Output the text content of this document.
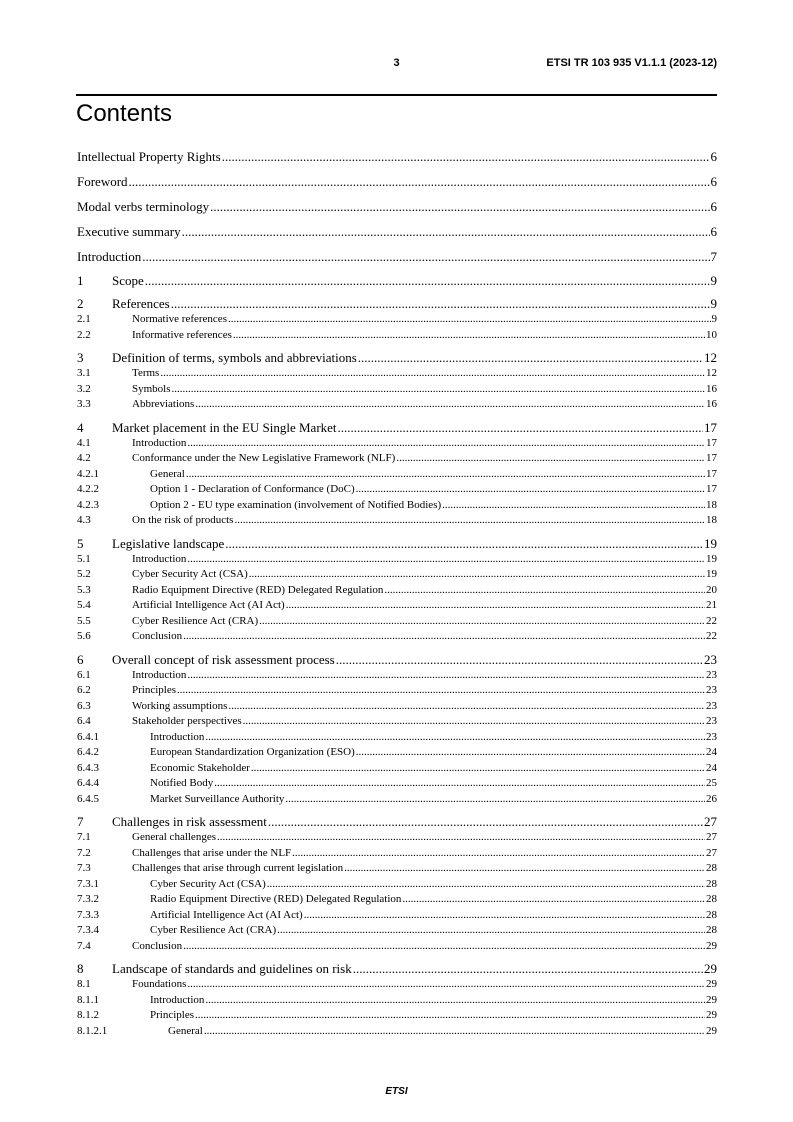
3	ETSI TR 103 935 V1.1.1 (2023-12)
Contents
Intellectual Property Rights .....	6
Foreword .....	6
Modal verbs terminology .....	6
Executive summary .....	6
Introduction .....	7
1	Scope .....	9
2	References .....	9
2.1	Normative references .....	9
2.2	Informative references .....	10
3	Definition of terms, symbols and abbreviations .....	12
3.1	Terms .....	12
3.2	Symbols .....	16
3.3	Abbreviations .....	16
4	Market placement in the EU Single Market .....	17
4.1	Introduction .....	17
4.2	Conformance under the New Legislative Framework (NLF) .....	17
4.2.1	General .....	17
4.2.2	Option 1 - Declaration of Conformance (DoC) .....	17
4.2.3	Option 2 - EU type examination (involvement of Notified Bodies) .....	18
4.3	On the risk of products .....	18
5	Legislative landscape .....	19
5.1	Introduction .....	19
5.2	Cyber Security Act (CSA) .....	19
5.3	Radio Equipment Directive (RED) Delegated Regulation .....	20
5.4	Artificial Intelligence Act (AI Act) .....	21
5.5	Cyber Resilience Act (CRA) .....	22
5.6	Conclusion .....	22
6	Overall concept of risk assessment process .....	23
6.1	Introduction .....	23
6.2	Principles .....	23
6.3	Working assumptions .....	23
6.4	Stakeholder perspectives .....	23
6.4.1	Introduction .....	23
6.4.2	European Standardization Organization (ESO) .....	24
6.4.3	Economic Stakeholder .....	24
6.4.4	Notified Body .....	25
6.4.5	Market Surveillance Authority .....	26
7	Challenges in risk assessment .....	27
7.1	General challenges .....	27
7.2	Challenges that arise under the NLF .....	27
7.3	Challenges that arise through current legislation .....	28
7.3.1	Cyber Security Act (CSA) .....	28
7.3.2	Radio Equipment Directive (RED) Delegated Regulation .....	28
7.3.3	Artificial Intelligence Act (AI Act) .....	28
7.3.4	Cyber Resilience Act (CRA) .....	28
7.4	Conclusion .....	29
8	Landscape of standards and guidelines on risk .....	29
8.1	Foundations .....	29
8.1.1	Introduction .....	29
8.1.2	Principles .....	29
8.1.2.1	General .....	29
ETSI
